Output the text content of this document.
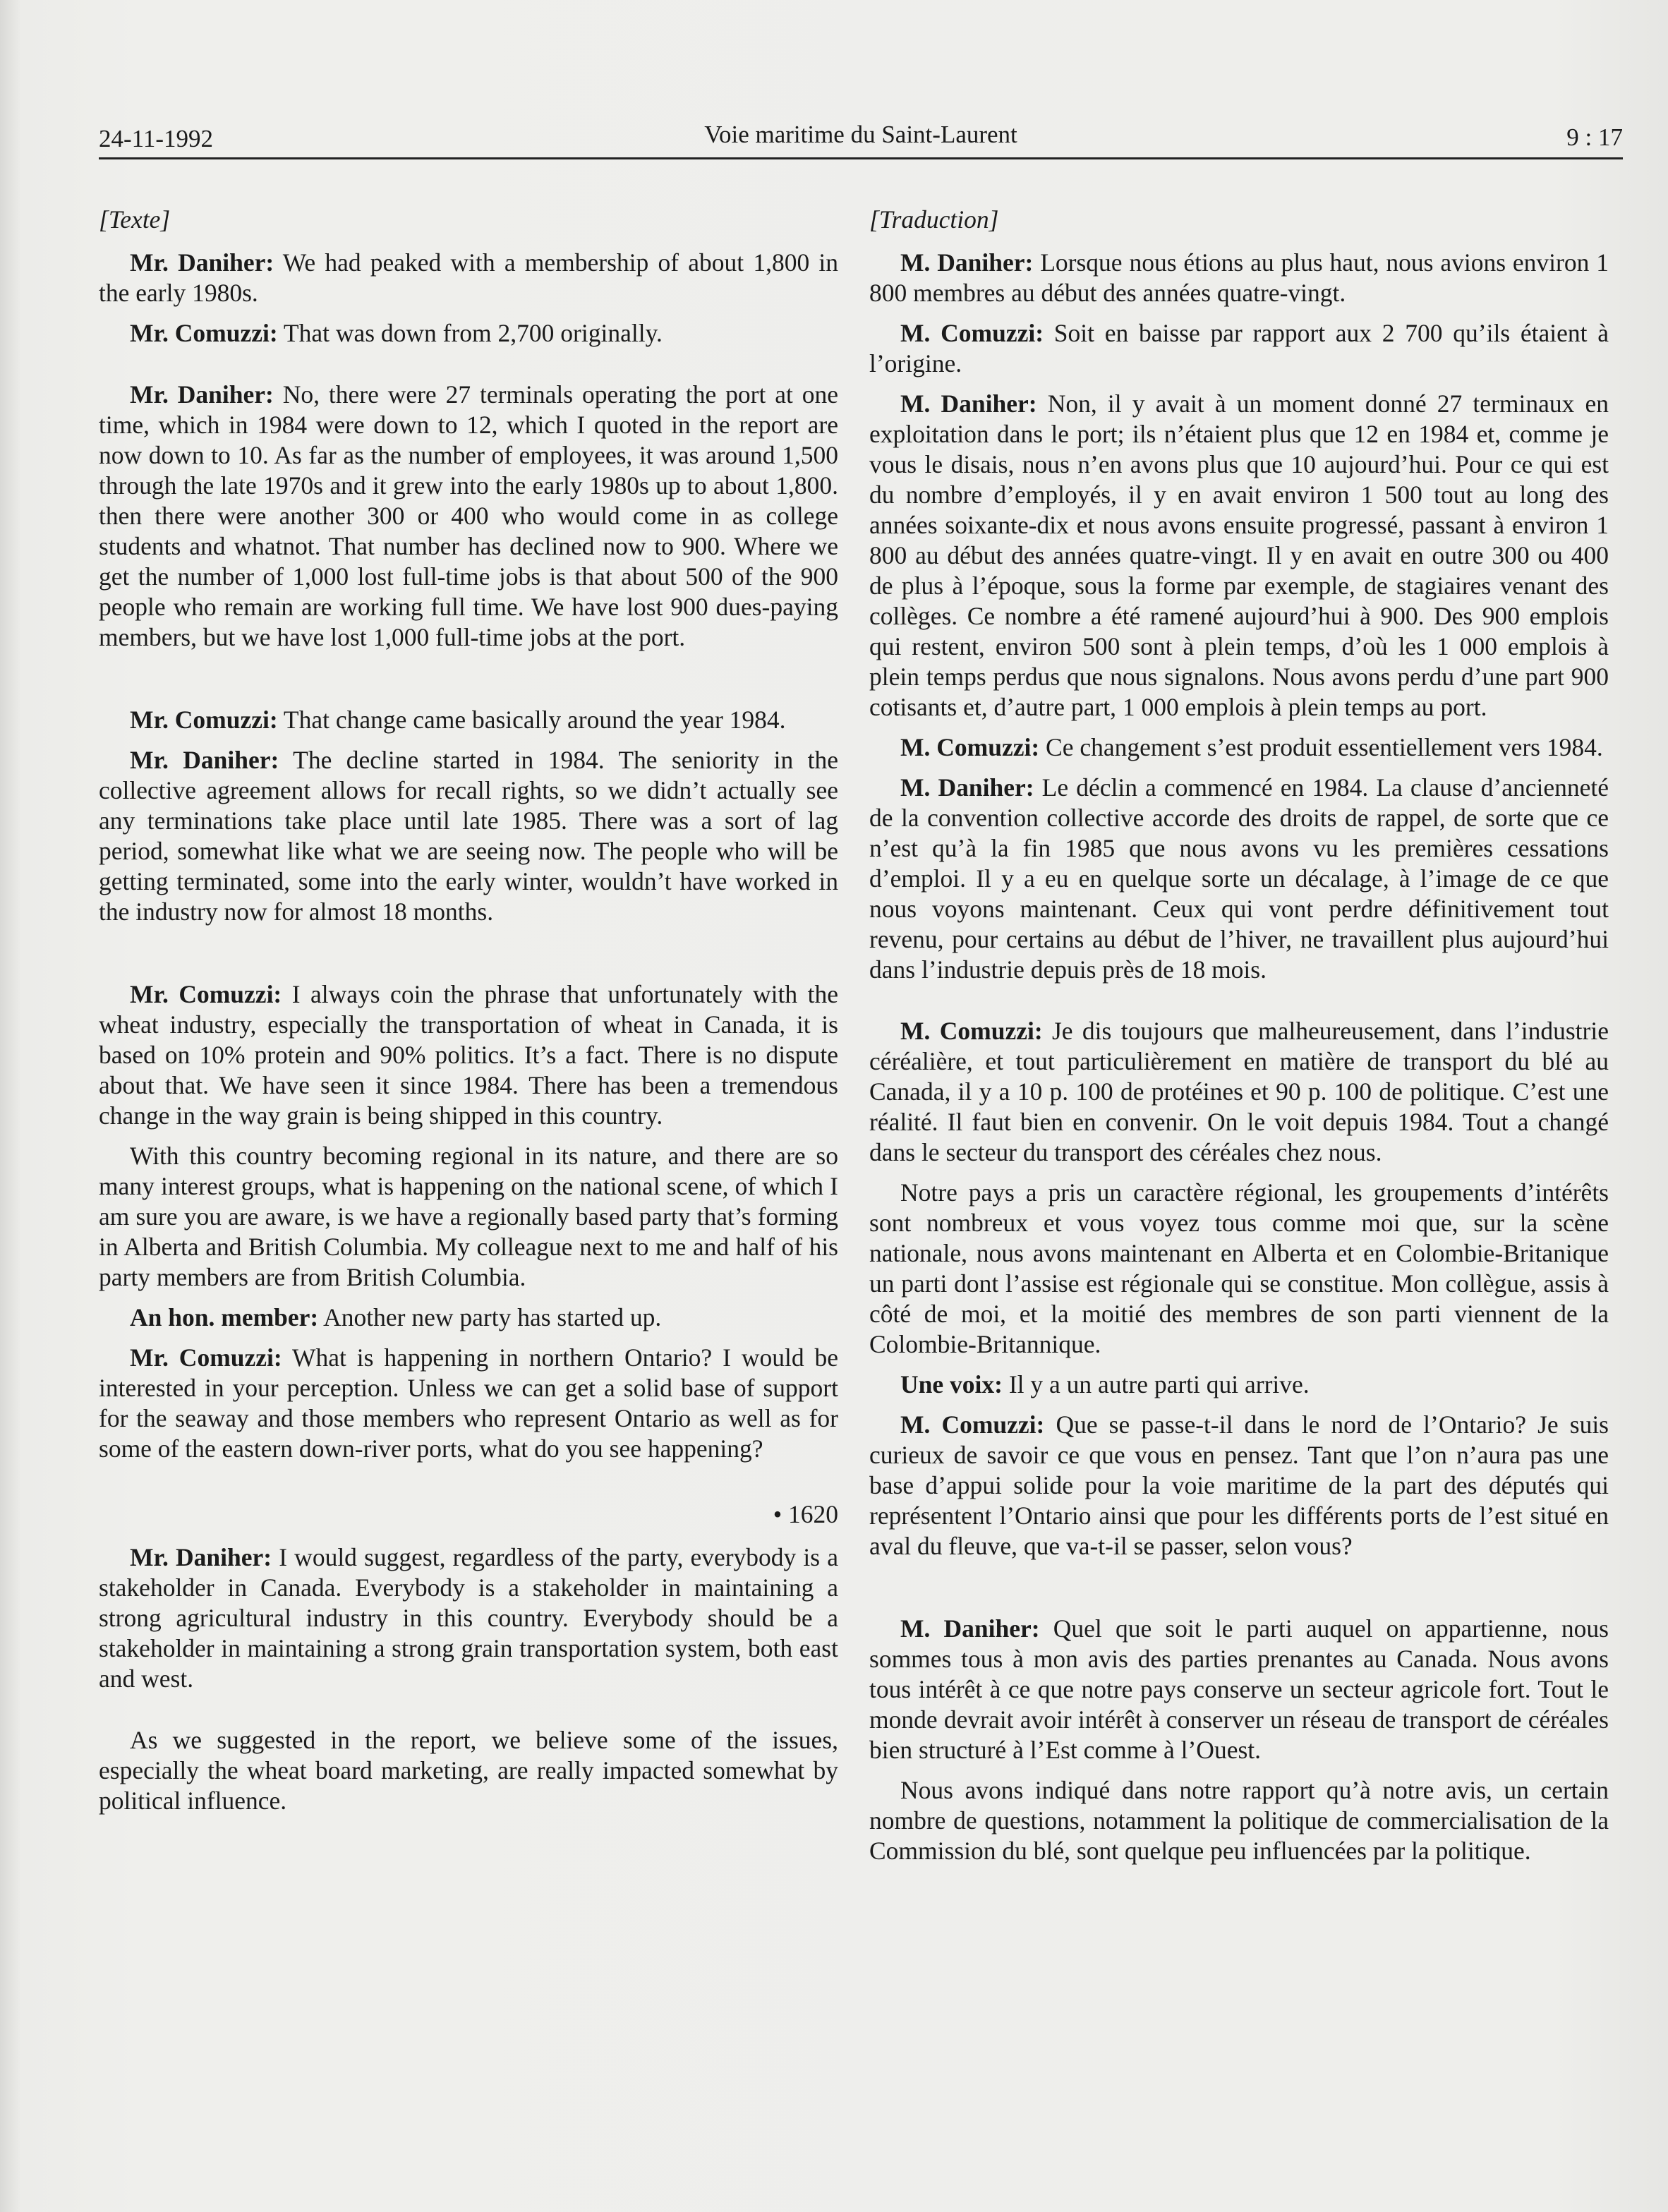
24-11-1992	Voie maritime du Saint-Laurent	9 : 17
[Texte]

Mr. Daniher: We had peaked with a membership of about 1,800 in the early 1980s.

Mr. Comuzzi: That was down from 2,700 originally.

Mr. Daniher: No, there were 27 terminals operating the port at one time, which in 1984 were down to 12, which I quoted in the report are now down to 10. As far as the number of employees, it was around 1,500 through the late 1970s and it grew into the early 1980s up to about 1,800. then there were another 300 or 400 who would come in as college students and whatnot. That number has declined now to 900. Where we get the number of 1,000 lost full-time jobs is that about 500 of the 900 people who remain are working full time. We have lost 900 dues-paying members, but we have lost 1,000 full-time jobs at the port.

Mr. Comuzzi: That change came basically around the year 1984.

Mr. Daniher: The decline started in 1984. The seniority in the collective agreement allows for recall rights, so we didn’t actually see any terminations take place until late 1985. There was a sort of lag period, somewhat like what we are seeing now. The people who will be getting terminated, some into the early winter, wouldn’t have worked in the industry now for almost 18 months.

Mr. Comuzzi: I always coin the phrase that unfortunately with the wheat industry, especially the transportation of wheat in Canada, it is based on 10% protein and 90% politics. It’s a fact. There is no dispute about that. We have seen it since 1984. There has been a tremendous change in the way grain is being shipped in this country.

With this country becoming regional in its nature, and there are so many interest groups, what is happening on the national scene, of which I am sure you are aware, is we have a regionally based party that’s forming in Alberta and British Columbia. My colleague next to me and half of his party members are from British Columbia.

An hon. member: Another new party has started up.

Mr. Comuzzi: What is happening in northern Ontario? I would be interested in your perception. Unless we can get a solid base of support for the seaway and those members who represent Ontario as well as for some of the eastern down-river ports, what do you see happening?

• 1620

Mr. Daniher: I would suggest, regardless of the party, everybody is a stakeholder in Canada. Everybody is a stakeholder in maintaining a strong agricultural industry in this country. Everybody should be a stakeholder in maintaining a strong grain transportation system, both east and west.

As we suggested in the report, we believe some of the issues, especially the wheat board marketing, are really impacted somewhat by political influence.

[Traduction]

M. Daniher: Lorsque nous étions au plus haut, nous avions environ 1 800 membres au début des années quatre-vingt.

M. Comuzzi: Soit en baisse par rapport aux 2 700 qu’ils étaient à l’origine.

M. Daniher: Non, il y avait à un moment donné 27 terminaux en exploitation dans le port; ils n’étaient plus que 12 en 1984 et, comme je vous le disais, nous n’en avons plus que 10 aujourd’hui. Pour ce qui est du nombre d’employés, il y en avait environ 1 500 tout au long des années soixante-dix et nous avons ensuite progressé, passant à environ 1 800 au début des années quatre-vingt. Il y en avait en outre 300 ou 400 de plus à l’époque, sous la forme par exemple, de stagiaires venant des collèges. Ce nombre a été ramené aujourd’hui à 900. Des 900 emplois qui restent, environ 500 sont à plein temps, d’où les 1 000 emplois à plein temps perdus que nous signalons. Nous avons perdu d’une part 900 cotisants et, d’autre part, 1 000 emplois à plein temps au port.

M. Comuzzi: Ce changement s’est produit essentiellement vers 1984.

M. Daniher: Le déclin a commencé en 1984. La clause d’ancienneté de la convention collective accorde des droits de rappel, de sorte que ce n’est qu’à la fin 1985 que nous avons vu les premières cessations d’emploi. Il y a eu en quelque sorte un décalage, à l’image de ce que nous voyons maintenant. Ceux qui vont perdre définitivement tout revenu, pour certains au début de l’hiver, ne travaillent plus aujourd’hui dans l’industrie depuis près de 18 mois.

M. Comuzzi: Je dis toujours que malheureusement, dans l’industrie céréalière, et tout particulièrement en matière de transport du blé au Canada, il y a 10 p. 100 de protéines et 90 p. 100 de politique. C’est une réalité. Il faut bien en convenir. On le voit depuis 1984. Tout a changé dans le secteur du transport des céréales chez nous.

Notre pays a pris un caractère régional, les groupements d’intérêts sont nombreux et vous voyez tous comme moi que, sur la scène nationale, nous avons maintenant en Alberta et en Colombie-Britanique un parti dont l’assise est régionale qui se constitue. Mon collègue, assis à côté de moi, et la moitié des membres de son parti viennent de la Colombie-Britannique.

Une voix: Il y a un autre parti qui arrive.

M. Comuzzi: Que se passe-t-il dans le nord de l’Ontario? Je suis curieux de savoir ce que vous en pensez. Tant que l’on n’aura pas une base d’appui solide pour la voie maritime de la part des députés qui représentent l’Ontario ainsi que pour les différents ports de l’est situé en aval du fleuve, que va-t-il se passer, selon vous?

M. Daniher: Quel que soit le parti auquel on appartienne, nous sommes tous à mon avis des parties prenantes au Canada. Nous avons tous intérêt à ce que notre pays conserve un secteur agricole fort. Tout le monde devrait avoir intérêt à conserver un réseau de transport de céréales bien structuré à l’Est comme à l’Ouest.

Nous avons indiqué dans notre rapport qu’à notre avis, un certain nombre de questions, notamment la politique de commercialisation de la Commission du blé, sont quelque peu influencées par la politique.
